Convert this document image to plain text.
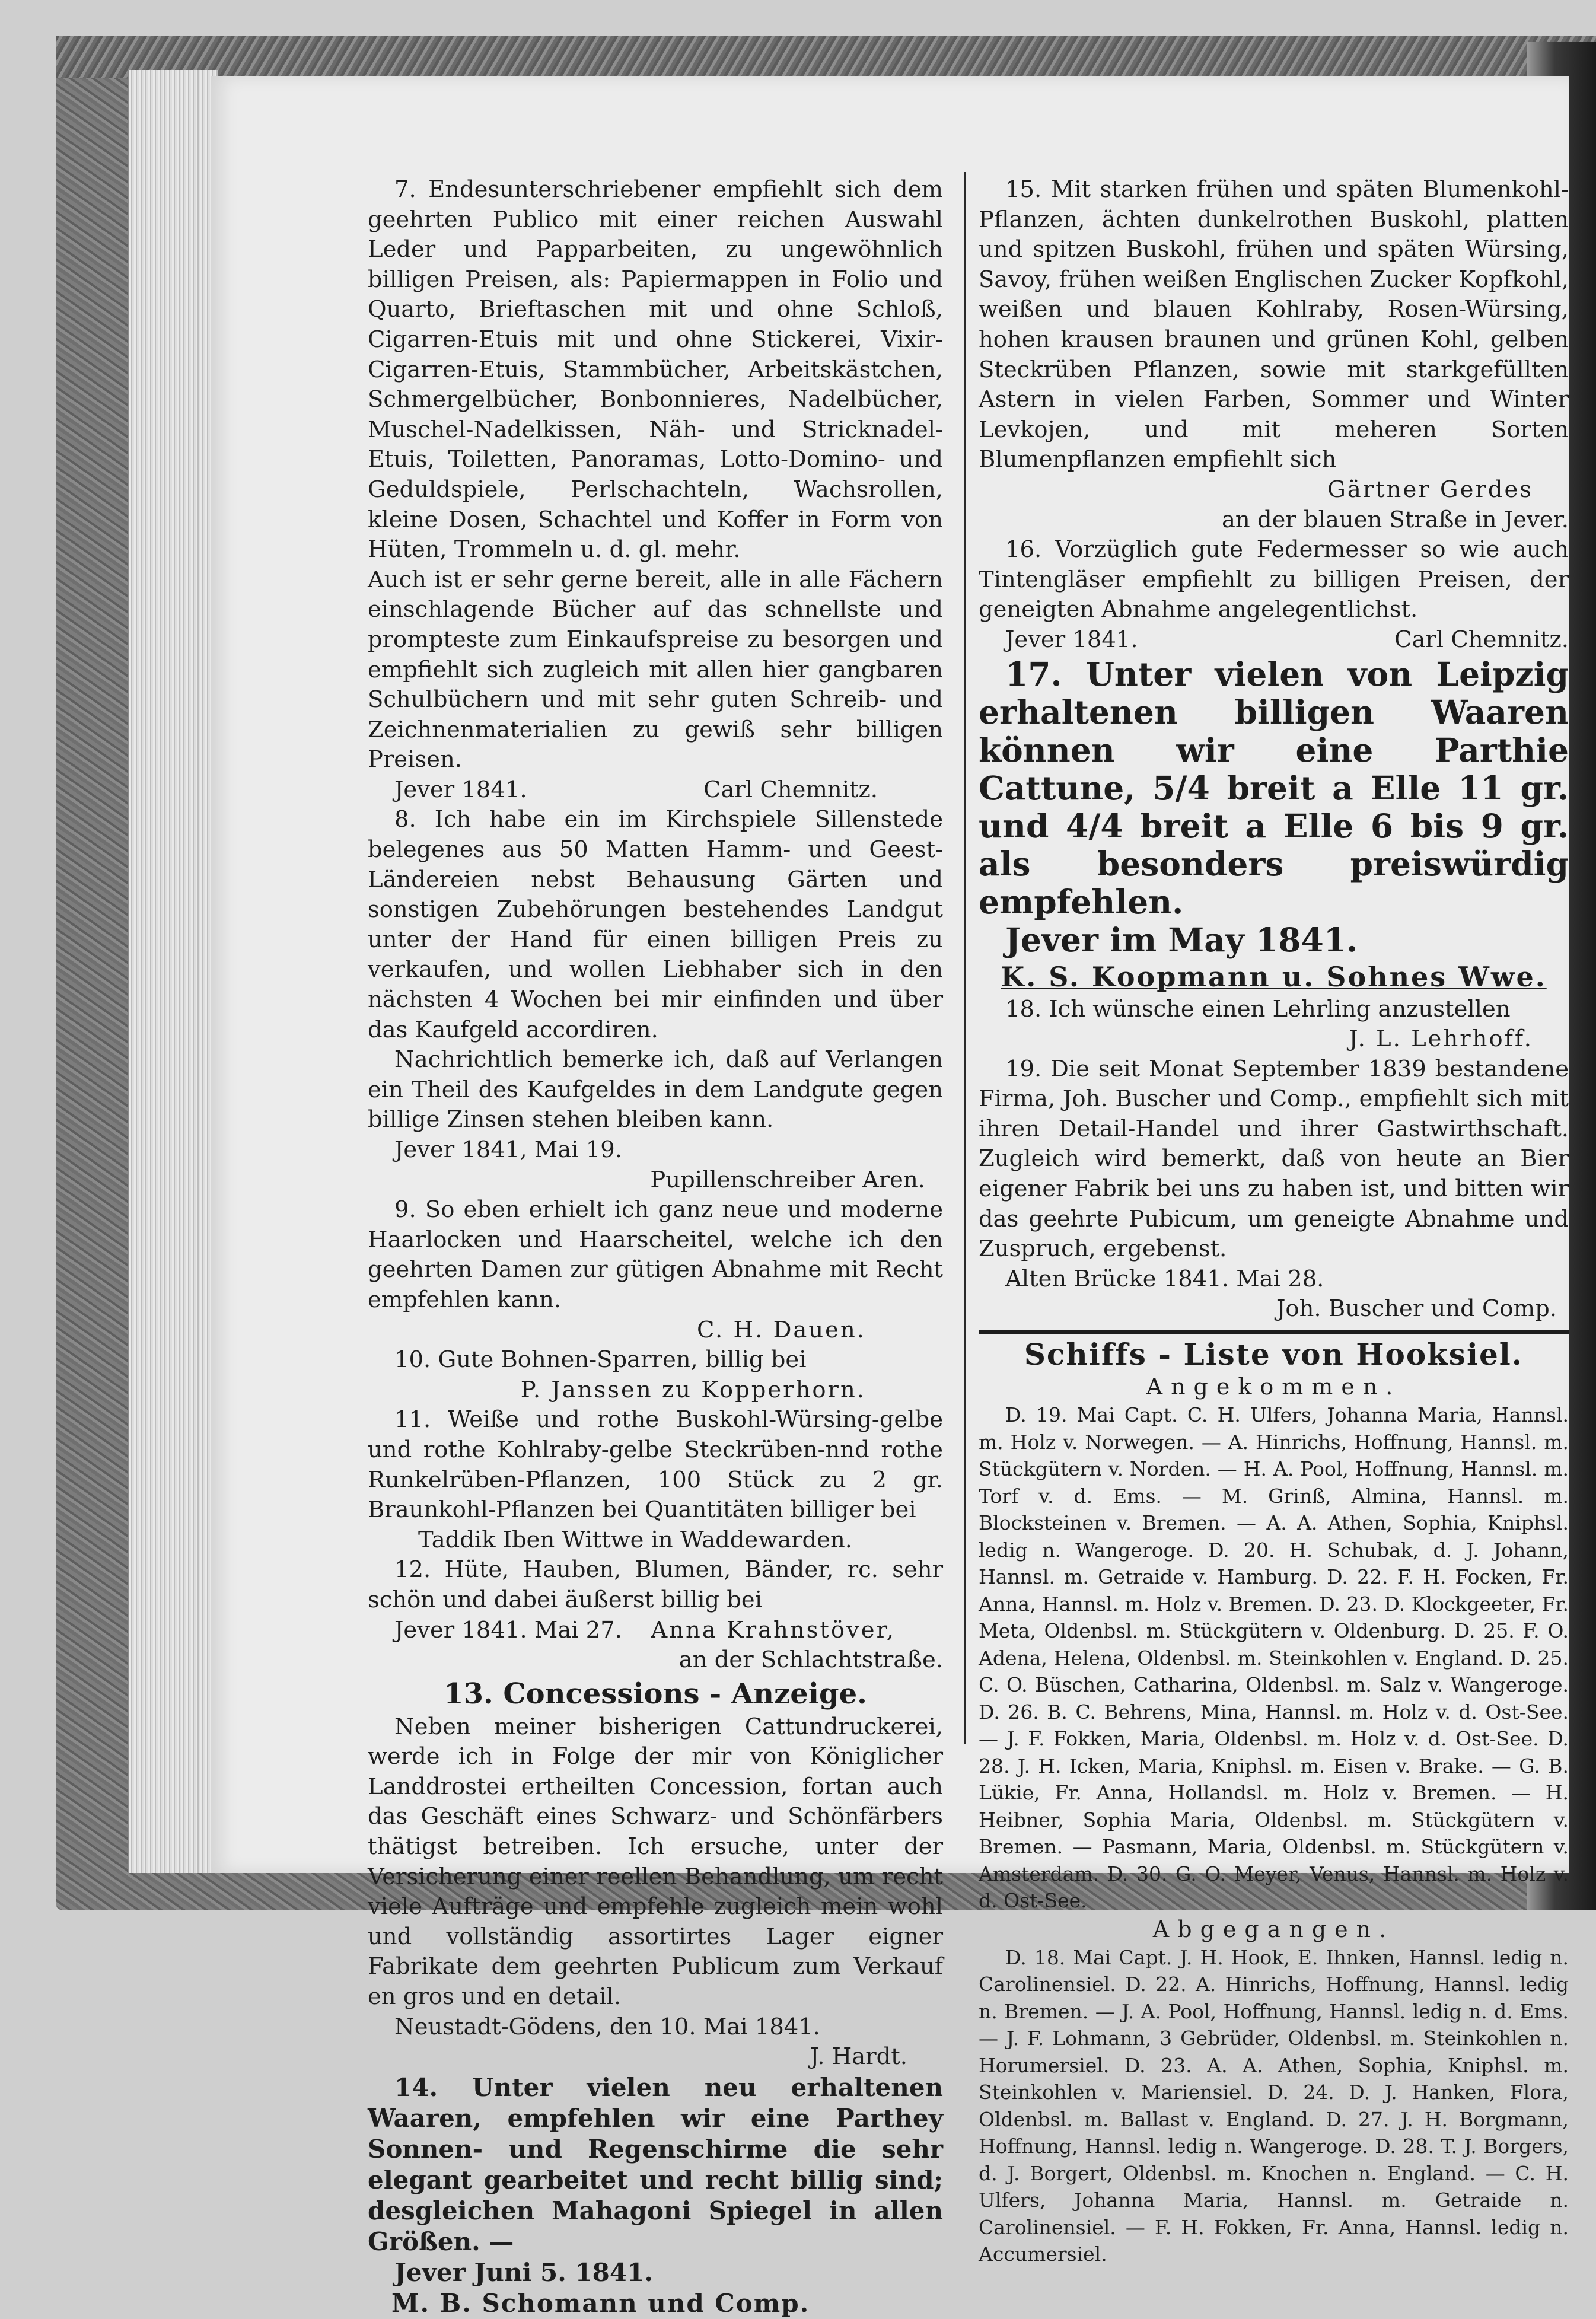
7. Endesunterschriebener empfiehlt sich dem geehrten Publico mit einer reichen Auswahl Leder und Papparbeiten, zu ungewöhnlich billigen Preisen, als: Papiermappen in Folio und Quarto, Brieftaschen mit und ohne Schloß, Cigarren-Etuis mit und ohne Stickerei, Vixir-Cigarren-Etuis, Stammbücher, Arbeitskästchen, Schmergelbücher, Bonbonnieres, Nadelbücher, Muschel-Nadelkissen, Näh- und Stricknadel-Etuis, Toiletten, Panoramas, Lotto-Domino- und Geduldspiele, Perlschachteln, Wachsrollen, kleine Dosen, Schachtel und Koffer in Form von Hüten, Trommeln u. d. gl. mehr.

Auch ist er sehr gerne bereit, alle in alle Fächern einschlagende Bücher auf das schnellste und prompteste zum Einkaufspreise zu besorgen und empfiehlt sich zugleich mit allen hier gangbaren Schulbüchern und mit sehr guten Schreib- und Zeichnenmaterialien zu gewiß sehr billigen Preisen.

Jever 1841.	Carl Chemnitz.

8. Ich habe ein im Kirchspiele Sillenstede belegenes aus 50 Matten Hamm- und Geest-Ländereien nebst Behausung Gärten und sonstigen Zubehörungen bestehendes Landgut unter der Hand für einen billigen Preis zu verkaufen, und wollen Liebhaber sich in den nächsten 4 Wochen bei mir einfinden und über das Kaufgeld accordiren.

Nachrichtlich bemerke ich, daß auf Verlangen ein Theil des Kaufgeldes in dem Landgute gegen billige Zinsen stehen bleiben kann.

Jever 1841, Mai 19.

Pupillenschreiber Aren.

9. So eben erhielt ich ganz neue und moderne Haarlocken und Haarscheitel, welche ich den geehrten Damen zur gütigen Abnahme mit Recht empfehlen kann.

C. H. Dauen.

10. Gute Bohnen-Sparren, billig bei

P. Janssen zu Kopperhorn.

11. Weiße und rothe Buskohl-Würsing-gelbe und rothe Kohlraby-gelbe Steckrüben-nnd rothe Runkelrüben-Pflanzen, 100 Stück zu 2 gr. Braunkohl-Pflanzen bei Quantitäten billiger bei

Taddik Iben Wittwe in Waddewarden.

12. Hüte, Hauben, Blumen, Bänder, rc. sehr schön und dabei äußerst billig bei

Jever 1841. Mai 27.	Anna Krahnstöver,

an der Schlachtstraße.

13. Concessions - Anzeige.

Neben meiner bisherigen Cattundruckerei, werde ich in Folge der mir von Königlicher Landdrostei ertheilten Concession, fortan auch das Geschäft eines Schwarz- und Schönfärbers thätigst betreiben. Ich ersuche, unter der Versicherung einer reellen Behandlung, um recht viele Aufträge und empfehle zugleich mein wohl und vollständig assortirtes Lager eigner Fabrikate dem geehrten Publicum zum Verkauf en gros und en detail.

Neustadt-Gödens, den 10. Mai 1841.

J. Hardt.

14. Unter vielen neu erhaltenen Waaren, empfehlen wir eine Parthey Sonnen- und Regenschirme die sehr elegant gearbeitet und recht billig sind; desgleichen Mahagoni Spiegel in allen Größen. —

Jever Juni 5. 1841.

M. B. Schomann und Comp.

15. Mit starken frühen und späten Blumenkohl-Pflanzen, ächten dunkelrothen Buskohl, platten und spitzen Buskohl, frühen und späten Würsing, Savoy, frühen weißen Englischen Zucker Kopfkohl, weißen und blauen Kohlraby, Rosen-Würsing, hohen krausen braunen und grünen Kohl, gelben Steckrüben Pflanzen, sowie mit starkgefüllten Astern in vielen Farben, Sommer und Winter Levkojen, und mit meheren Sorten Blumenpflanzen empfiehlt sich

Gärtner Gerdes

an der blauen Straße in Jever.

16. Vorzüglich gute Federmesser so wie auch Tintengläser empfiehlt zu billigen Preisen, der geneigten Abnahme angelegentlichst.

Jever 1841.	Carl Chemnitz.

17. Unter vielen von Leipzig erhaltenen billigen Waaren können wir eine Parthie Cattune, 5/4 breit a Elle 11 gr. und 4/4 breit a Elle 6 bis 9 gr. als besonders preiswürdig empfehlen.

Jever im May 1841.

K. S. Koopmann u. Sohnes Wwe.

18. Ich wünsche einen Lehrling anzustellen

J. L. Lehrhoff.

19. Die seit Monat September 1839 bestandene Firma, Joh. Buscher und Comp., empfiehlt sich mit ihren Detail-Handel und ihrer Gastwirthschaft. Zugleich wird bemerkt, daß von heute an Bier eigener Fabrik bei uns zu haben ist, und bitten wir das geehrte Pubicum, um geneigte Abnahme und Zuspruch, ergebenst.

Alten Brücke 1841. Mai 28.

Joh. Buscher und Comp.

Schiffs - Liste von Hooksiel.

Angekommen.

D. 19. Mai Capt. C. H. Ulfers, Johanna Maria, Hannsl. m. Holz v. Norwegen. — A. Hinrichs, Hoffnung, Hannsl. m. Stückgütern v. Norden. — H. A. Pool, Hoffnung, Hannsl. m. Torf v. d. Ems. — M. Grinß, Almina, Hannsl. m. Blocksteinen v. Bremen. — A. A. Athen, Sophia, Kniphsl. ledig n. Wangeroge. D. 20. H. Schubak, d. J. Johann, Hannsl. m. Getraide v. Hamburg. D. 22. F. H. Focken, Fr. Anna, Hannsl. m. Holz v. Bremen. D. 23. D. Klockgeeter, Fr. Meta, Oldenbsl. m. Stückgütern v. Oldenburg. D. 25. F. O. Adena, Helena, Oldenbsl. m. Steinkohlen v. England. D. 25. C. O. Büschen, Catharina, Oldenbsl. m. Salz v. Wangeroge. D. 26. B. C. Behrens, Mina, Hannsl. m. Holz v. d. Ost-See. — J. F. Fokken, Maria, Oldenbsl. m. Holz v. d. Ost-See. D. 28. J. H. Icken, Maria, Kniphsl. m. Eisen v. Brake. — G. B. Lükie, Fr. Anna, Hollandsl. m. Holz v. Bremen. — H. Heibner, Sophia Maria, Oldenbsl. m. Stückgütern v. Bremen. — Pasmann, Maria, Oldenbsl. m. Stückgütern v. Amsterdam. D. 30. G. O. Meyer, Venus, Hannsl. m. Holz v. d. Ost-See.

Abgegangen.

D. 18. Mai Capt. J. H. Hook, E. Ihnken, Hannsl. ledig n. Carolinensiel. D. 22. A. Hinrichs, Hoffnung, Hannsl. ledig n. Bremen. — J. A. Pool, Hoffnung, Hannsl. ledig n. d. Ems. — J. F. Lohmann, 3 Gebrüder, Oldenbsl. m. Steinkohlen n. Horumersiel. D. 23. A. A. Athen, Sophia, Kniphsl. m. Steinkohlen v. Mariensiel. D. 24. D. J. Hanken, Flora, Oldenbsl. m. Ballast v. England. D. 27. J. H. Borgmann, Hoffnung, Hannsl. ledig n. Wangeroge. D. 28. T. J. Borgers, d. J. Borgert, Oldenbsl. m. Knochen n. England. — C. H. Ulfers, Johanna Maria, Hannsl. m. Getraide n. Carolinensiel. — F. H. Fokken, Fr. Anna, Hannsl. ledig n. Accumersiel.
